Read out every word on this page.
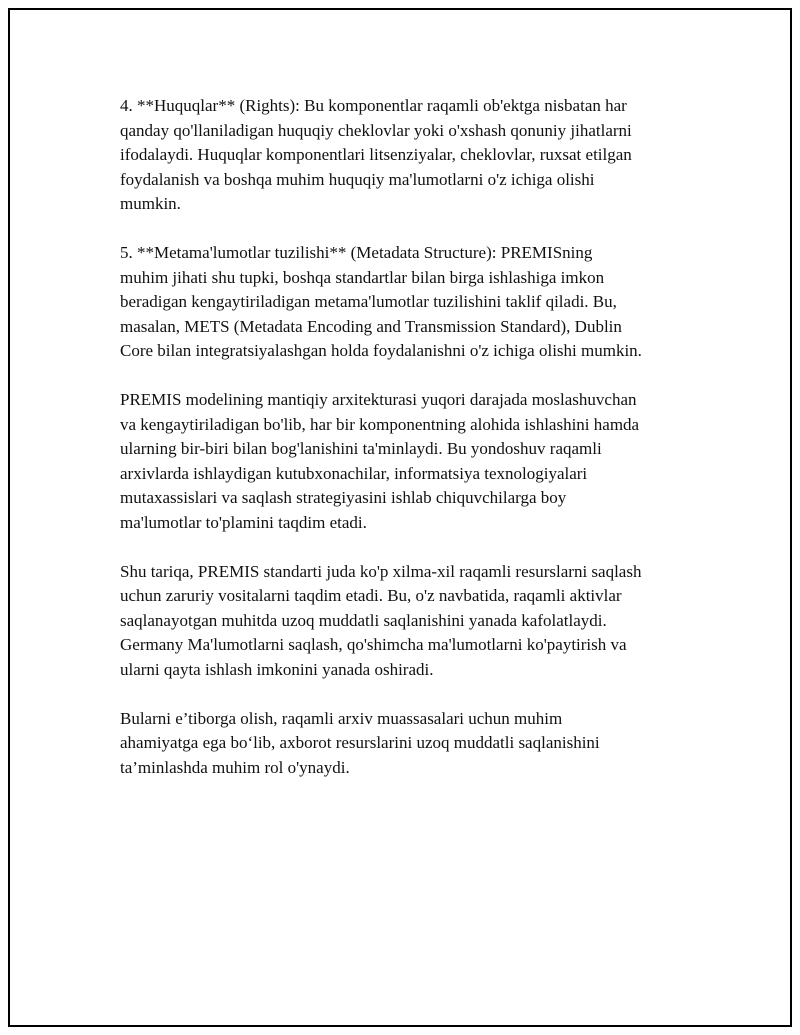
4. **Huquqlar** (Rights): Bu komponentlar raqamli ob'ektga nisbatan har
qanday qo'llaniladigan huquqiy cheklovlar yoki o'xshash qonuniy jihatlarni
ifodalaydi. Huquqlar komponentlari litsenziyalar, cheklovlar, ruxsat etilgan
foydalanish va boshqa muhim huquqiy ma'lumotlarni o'z ichiga olishi
mumkin.

5. **Metama'lumotlar tuzilishi** (Metadata Structure): PREMISning
muhim jihati shu tupki, boshqa standartlar bilan birga ishlashiga imkon
beradigan kengaytiriladigan metama'lumotlar tuzilishini taklif qiladi. Bu,
masalan, METS (Metadata Encoding and Transmission Standard), Dublin
Core bilan integratsiyalashgan holda foydalanishni o'z ichiga olishi mumkin.

PREMIS modelining mantiqiy arxitekturasi yuqori darajada moslashuvchan
va kengaytiriladigan bo'lib, har bir komponentning alohida ishlashini hamda
ularning bir-biri bilan bog'lanishini ta'minlaydi. Bu yondoshuv raqamli
arxivlarda ishlaydigan kutubxonachilar, informatsiya texnologiyalari
mutaxassislari va saqlash strategiyasini ishlab chiquvchilarga boy
ma'lumotlar to'plamini taqdim etadi.

Shu tariqa, PREMIS standarti juda ko'p xilma-xil raqamli resurslarni saqlash
uchun zaruriy vositalarni taqdim etadi. Bu, o'z navbatida, raqamli aktivlar
saqlanayotgan muhitda uzoq muddatli saqlanishini yanada kafolatlaydi.
Germany Ma'lumotlarni saqlash, qo'shimcha ma'lumotlarni ko'paytirish va
ularni qayta ishlash imkonini yanada oshiradi.

Bularni e’tiborga olish, raqamli arxiv muassasalari uchun muhim
ahamiyatga ega bo‘lib, axborot resurslarini uzoq muddatli saqlanishini
ta’minlashda muhim rol o'ynaydi.
